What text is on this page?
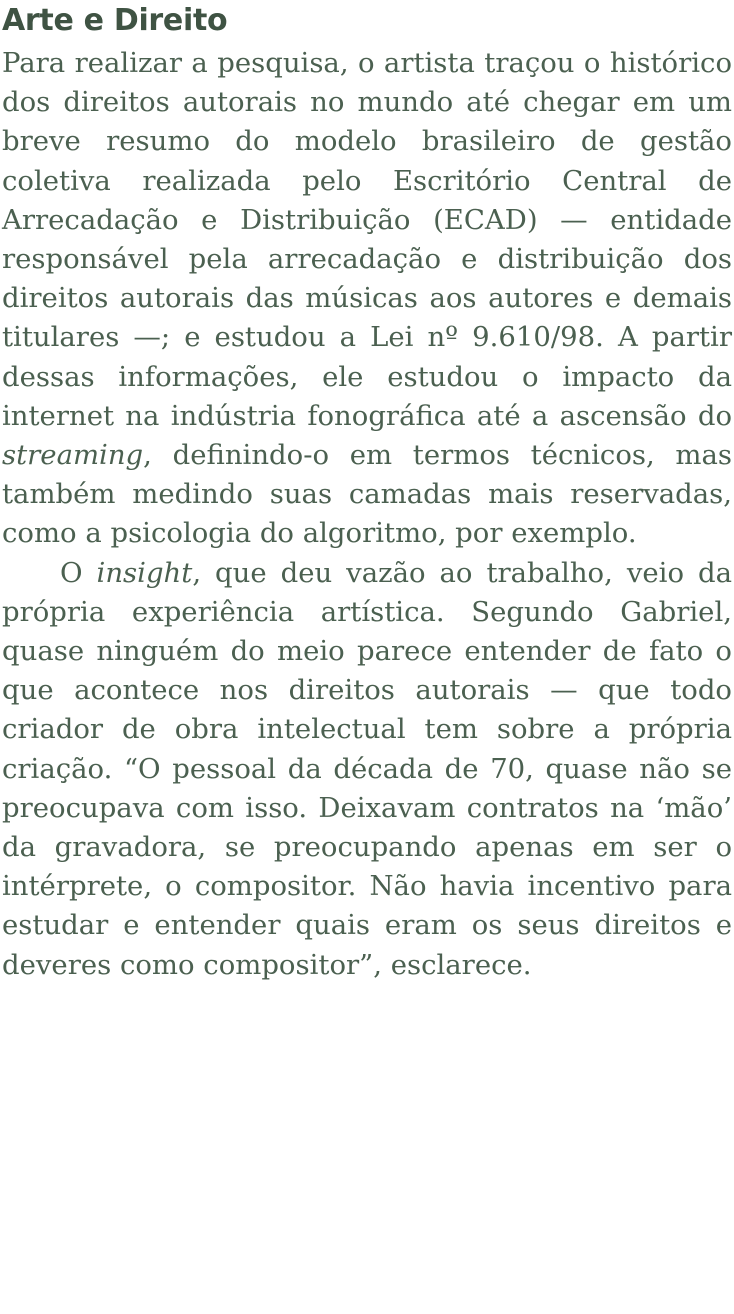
Arte e Direito

Para realizar a pesquisa, o artista traçou o histórico dos direitos autorais no mundo até chegar em um breve resumo do modelo brasileiro de gestão coletiva realizada pelo Escritório Central de Arrecadação e Distribuição (ECAD) — entidade responsável pela arrecadação e distribuição dos direitos autorais das músicas aos autores e demais titulares —; e estudou a Lei nº 9.610/98. A partir dessas informações, ele estudou o impacto da internet na indústria fonográfica até a ascensão do streaming, definindo-o em termos técnicos, mas também medindo suas camadas mais reservadas, como a psicologia do algoritmo, por exemplo.

O insight, que deu vazão ao trabalho, veio da própria experiência artística. Segundo Gabriel, quase ninguém do meio parece entender de fato o que acontece nos direitos autorais — que todo criador de obra intelectual tem sobre a própria criação. “O pessoal da década de 70, quase não se preocupava com isso. Deixavam contratos na ‘mão’ da gravadora, se preocupando apenas em ser o intérprete, o compositor. Não havia incentivo para estudar e entender quais eram os seus direitos e deveres como compositor”, esclarece.
